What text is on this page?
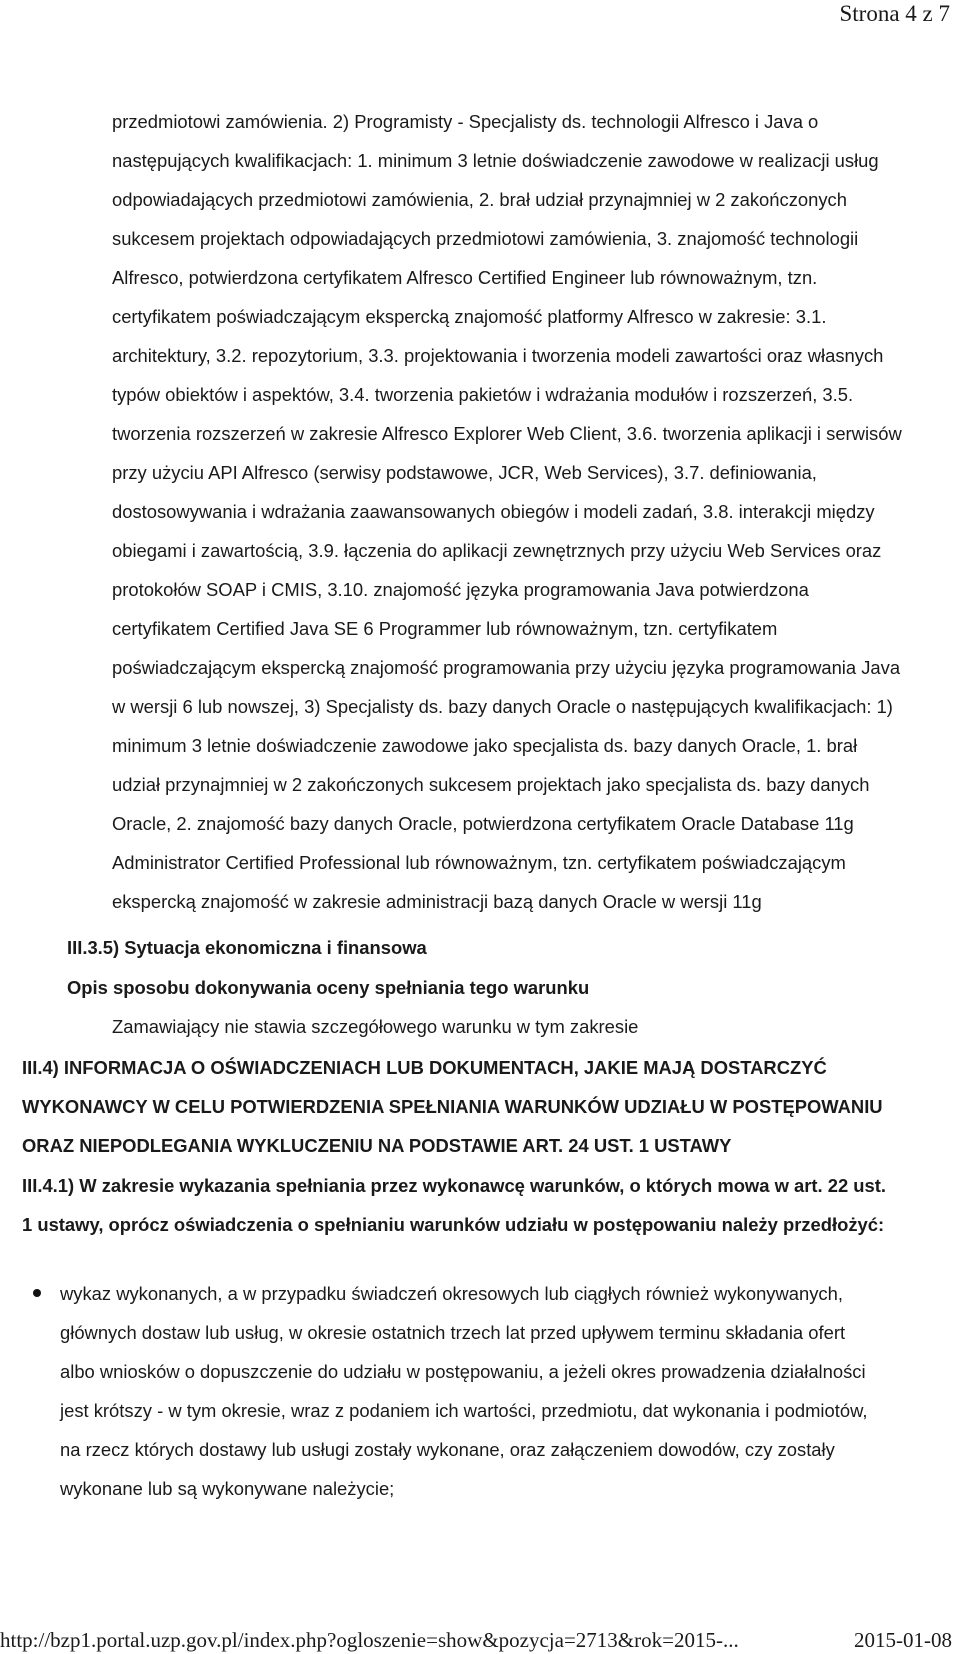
Strona 4 z 7
przedmiotowi zamówienia. 2) Programisty - Specjalisty ds. technologii Alfresco i Java o
następujących kwalifikacjach: 1. minimum 3 letnie doświadczenie zawodowe w realizacji usług
odpowiadających przedmiotowi zamówienia, 2. brał udział przynajmniej w 2 zakończonych
sukcesem projektach odpowiadających przedmiotowi zamówienia, 3. znajomość technologii
Alfresco, potwierdzona certyfikatem Alfresco Certified Engineer lub równoważnym, tzn.
certyfikatem poświadczającym ekspercką znajomość platformy Alfresco w zakresie: 3.1.
architektury, 3.2. repozytorium, 3.3. projektowania i tworzenia modeli zawartości oraz własnych
typów obiektów i aspektów, 3.4. tworzenia pakietów i wdrażania modułów i rozszerzeń, 3.5.
tworzenia rozszerzeń w zakresie Alfresco Explorer Web Client, 3.6. tworzenia aplikacji i serwisów
przy użyciu API Alfresco (serwisy podstawowe, JCR, Web Services), 3.7. definiowania,
dostosowywania i wdrażania zaawansowanych obiegów i modeli zadań, 3.8. interakcji między
obiegami i zawartością, 3.9. łączenia do aplikacji zewnętrznych przy użyciu Web Services oraz
protokołów SOAP i CMIS, 3.10. znajomość języka programowania Java potwierdzona
certyfikatem Certified Java SE 6 Programmer lub równoważnym, tzn. certyfikatem
poświadczającym ekspercką znajomość programowania przy użyciu języka programowania Java
w wersji 6 lub nowszej, 3) Specjalisty ds. bazy danych Oracle o następujących kwalifikacjach: 1)
minimum 3 letnie doświadczenie zawodowe jako specjalista ds. bazy danych Oracle, 1. brał
udział przynajmniej w 2 zakończonych sukcesem projektach jako specjalista ds. bazy danych
Oracle, 2. znajomość bazy danych Oracle, potwierdzona certyfikatem Oracle Database 11g
Administrator Certified Professional lub równoważnym, tzn. certyfikatem poświadczającym
ekspercką znajomość w zakresie administracji bazą danych Oracle w wersji 11g
III.3.5) Sytuacja ekonomiczna i finansowa
Opis sposobu dokonywania oceny spełniania tego warunku
Zamawiający nie stawia szczegółowego warunku w tym zakresie
III.4) INFORMACJA O OŚWIADCZENIACH LUB DOKUMENTACH, JAKIE MAJĄ DOSTARCZYĆ
WYKONAWCY W CELU POTWIERDZENIA SPEŁNIANIA WARUNKÓW UDZIAŁU W POSTĘPOWANIU
ORAZ NIEPODLEGANIA WYKLUCZENIU NA PODSTAWIE ART. 24 UST. 1 USTAWY
III.4.1) W zakresie wykazania spełniania przez wykonawcę warunków, o których mowa w art. 22 ust.
1 ustawy, oprócz oświadczenia o spełnianiu warunków udziału w postępowaniu należy przedłożyć:
wykaz wykonanych, a w przypadku świadczeń okresowych lub ciągłych również wykonywanych,
głównych dostaw lub usług, w okresie ostatnich trzech lat przed upływem terminu składania ofert
albo wniosków o dopuszczenie do udziału w postępowaniu, a jeżeli okres prowadzenia działalności
jest krótszy - w tym okresie, wraz z podaniem ich wartości, przedmiotu, dat wykonania i podmiotów,
na rzecz których dostawy lub usługi zostały wykonane, oraz załączeniem dowodów, czy zostały
wykonane lub są wykonywane należycie;
http://bzp1.portal.uzp.gov.pl/index.php?ogloszenie=show&pozycja=2713&rok=2015-...	2015-01-08
